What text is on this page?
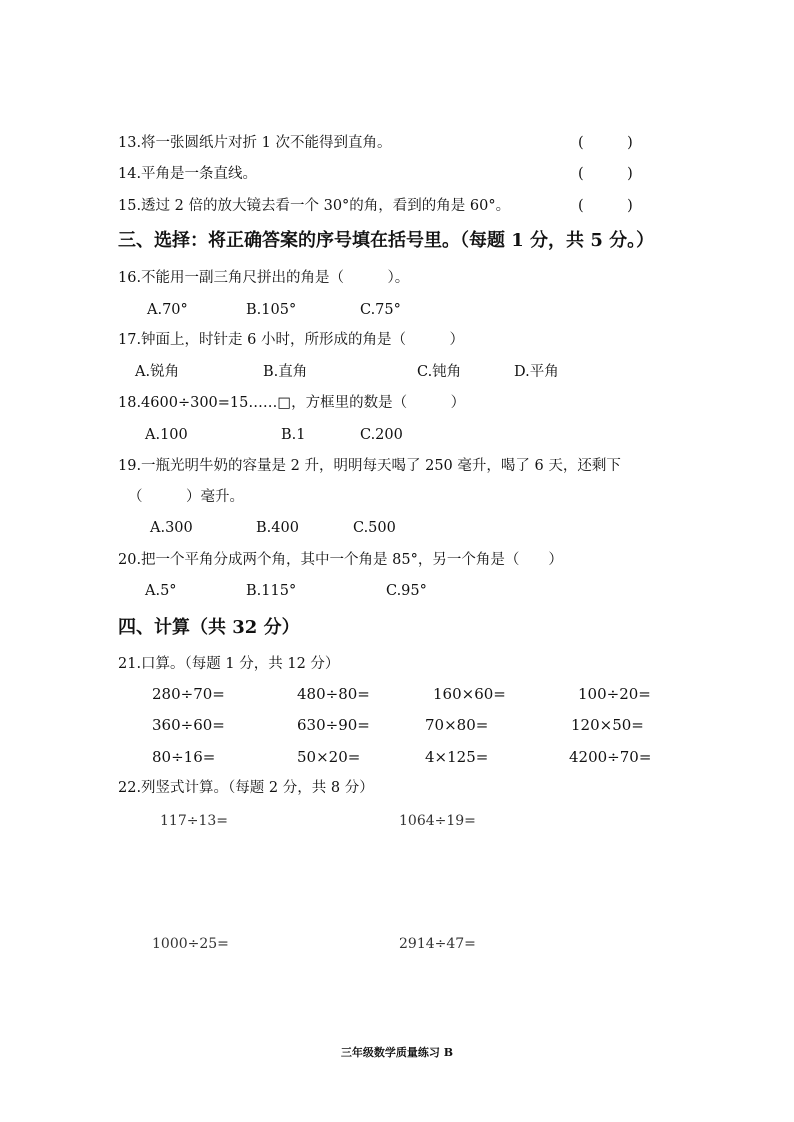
13.将一张圆纸片对折 1 次不能得到直角。	(　　　)
14.平角是一条直线。	(　　　)
15.透过 2 倍的放大镜去看一个 30°的角，看到的角是 60°。	(　　　)
三、选择：将正确答案的序号填在括号里。（每题 1 分，共 5 分。）
16.不能用一副三角尺拼出的角是（　　　）。
A.70°	B.105°	C.75°
17.钟面上，时针走 6 小时，所形成的角是（　　　）
A.锐角	B.直角	C.钝角	D.平角
18.4600÷300=15……□，方框里的数是（　　　）
A.100	B.1	C.200
19.一瓶光明牛奶的容量是 2 升，明明每天喝了 250 毫升，喝了 6 天，还剩下
（　　　）毫升。
A.300	B.400	C.500
20.把一个平角分成两个角，其中一个角是 85°，另一个角是（　　）
A.5°	B.115°	C.95°
四、计算（共 32 分）
21.口算。（每题 1 分，共 12 分）
280÷70=	480÷80=	160×60=	100÷20=
360÷60=	630÷90=	70×80=	120×50=
80÷16=	50×20=	4×125=	4200÷70=
22.列竖式计算。（每题 2 分，共 8 分）
117÷13=	1064÷19=
1000÷25=	2914÷47=
三年级数学质量练习 B
